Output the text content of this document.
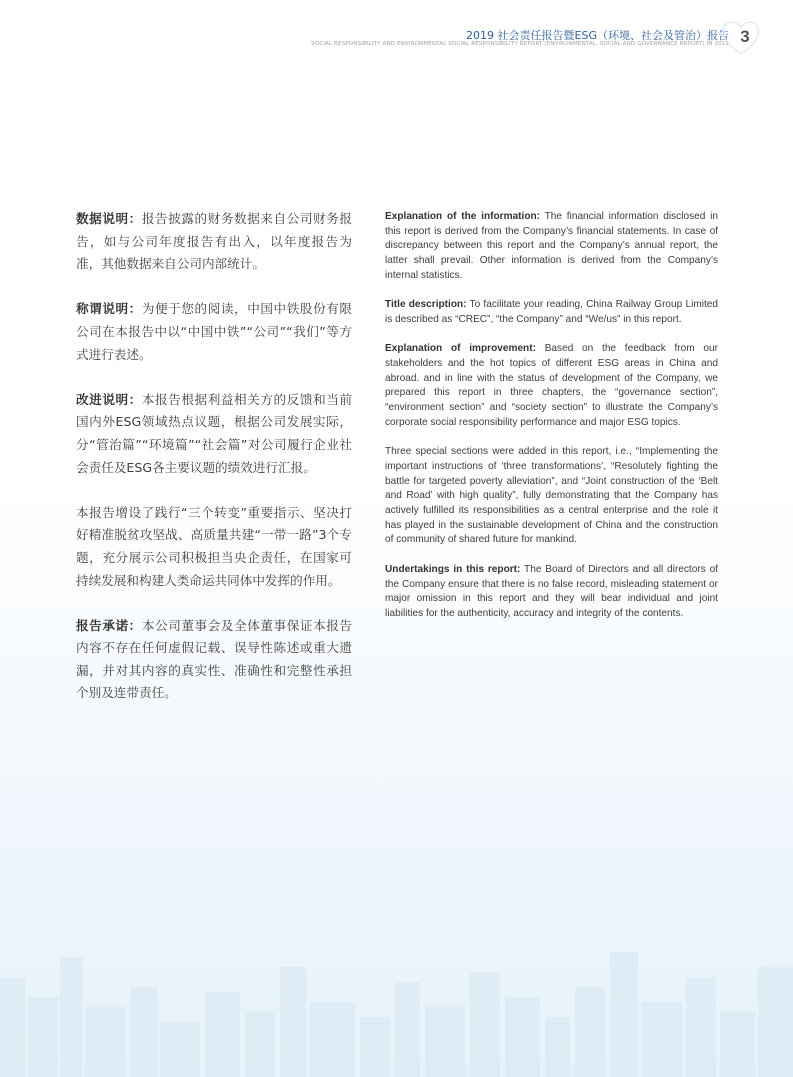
2019 社会责任报告暨ESG（环境、社会及管治）报告
SOCIAL RESPONSIBILITY AND ENVIRONMENTAL SOCIAL RESPONSIBILITY REPORT (ENVIRONMENTAL, SOCIAL AND GOVERNANCE REPORT) IN 2019 3

数据说明：报告披露的财务数据来自公司财务报告，如与公司年度报告有出入，以年度报告为准，其他数据来自公司内部统计。

称谓说明：为便于您的阅读，中国中铁股份有限公司在本报告中以“中国中铁”“公司”“我们”等方式进行表述。

改进说明：本报告根据利益相关方的反馈和当前国内外ESG领域热点议题，根据公司发展实际，分“管治篇”“环境篇”“社会篇”对公司履行企业社会责任及ESG各主要议题的绩效进行汇报。

本报告增设了践行“三个转变”重要指示、坚决打好精准脱贫攻坚战、高质量共建“一带一路”3个专题，充分展示公司积极担当央企责任，在国家可持续发展和构建人类命运共同体中发挥的作用。

报告承诺：本公司董事会及全体董事保证本报告内容不存在任何虚假记载、误导性陈述或重大遗漏，并对其内容的真实性、准确性和完整性承担个别及连带责任。

Explanation of the information: The financial information disclosed in this report is derived from the Company’s financial statements. In case of discrepancy between this report and the Company’s annual report, the latter shall prevail. Other information is derived from the Company’s internal statistics.

Title description: To facilitate your reading, China Railway Group Limited is described as “CREC”, “the Company” and “We/us” in this report.

Explanation of improvement: Based on the feedback from our stakeholders and the hot topics of different ESG areas in China and abroad. and in line with the status of development of the Company, we prepared this report in three chapters, the “governance section”, “environment section” and “society section” to illustrate the Company’s corporate social responsibility performance and major ESG topics.

Three special sections were added in this report, i.e., “Implementing the important instructions of ‘three transformations’, “Resolutely fighting the battle for targeted poverty alleviation”, and “Joint construction of the ‘Belt and Road’ with high quality”, fully demonstrating that the Company has actively fulfilled its responsibilities as a central enterprise and the role it has played in the sustainable development of China and the construction of community of shared future for mankind.

Undertakings in this report: The Board of Directors and all directors of the Company ensure that there is no false record, misleading statement or major omission in this report and they will bear individual and joint liabilities for the authenticity, accuracy and integrity of the contents.
